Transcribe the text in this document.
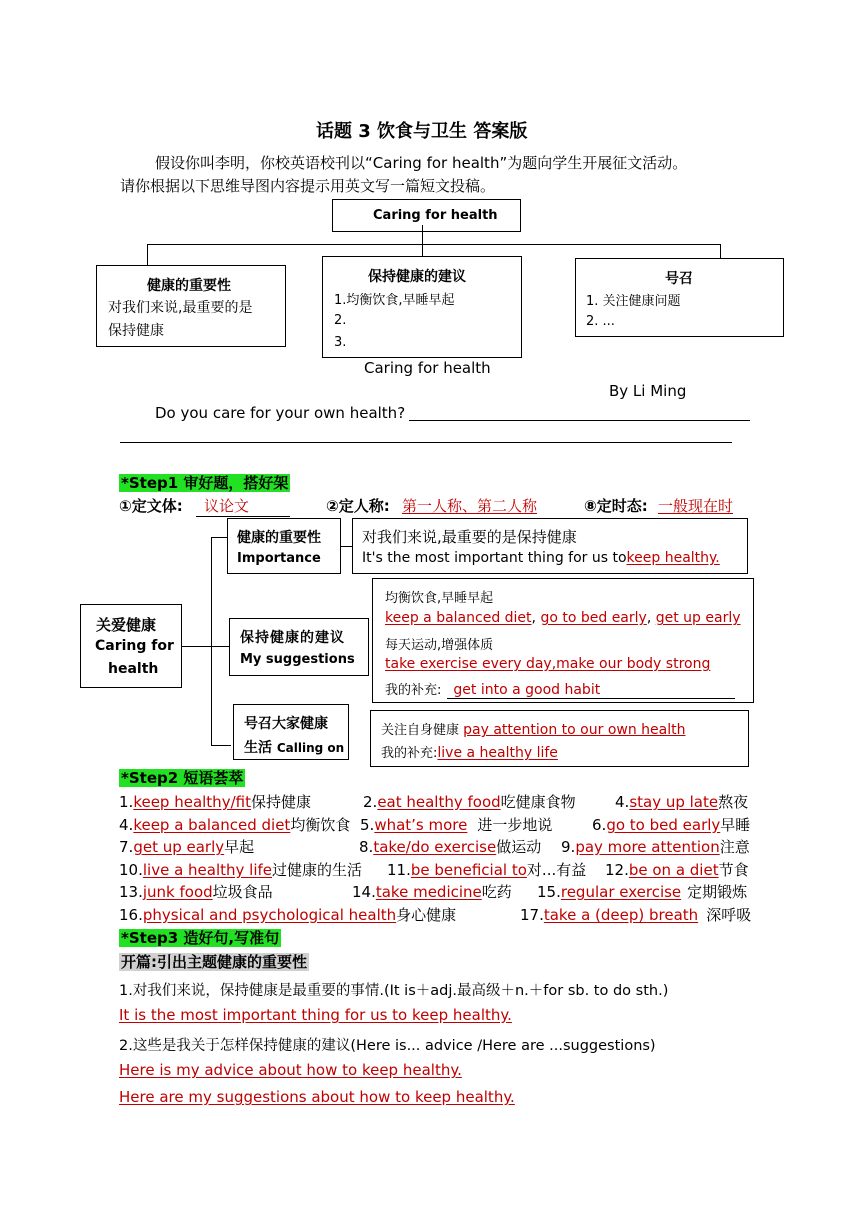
话题 3 饮食与卫生 答案版
假设你叫李明，你校英语校刊以“Caring for health”为题向学生开展征文活动。
请你根据以下思维导图内容提示用英文写一篇短文投稿。
Caring for health
健康的重要性
对我们来说,最重要的是
保持健康
保持健康的建议
1.均衡饮食,早睡早起
2.
3.
号召
1. 关注健康问题
2. ...
Caring for health
By Li Ming
Do you care for your own health?
*Step1 审好题，搭好架
①定文体:	议论文	②定人称: 第一人称、第二人称	⑧定时态: 一般现在时
关爱健康
Caring for
health
健康的重要性
Importance
对我们来说,最重要的是保持健康
It's the most important thing for us tokeep healthy.
保持健康的建议
My suggestions
均衡饮食,早睡早起
keep a balanced diet, go to bed early, get up early
每天运动,增强体质
take exercise every day,make our body strong
我的补充: get into a good habit
号召大家健康
生活 Calling on
关注自身健康 pay attention to our own health
我的补充:live a healthy life
*Step2 短语荟萃
1.keep healthy/fit保持健康	2.eat healthy food吃健康食物	4.stay up late熬夜
4.keep a balanced diet均衡饮食 5.what’s more 进一步地说	6.go to bed early早睡
7.get up early早起	8.take/do exercise做运动 9.pay more attention注意
10.live a healthy life过健康的生活 11.be beneficial to对...有益 12.be on a diet节食
13.junk food垃圾食品	14.take medicine吃药 15.regular exercise 定期锻炼
16.physical and psychological health身心健康	17.take a (deep) breath 深呼吸
*Step3 造好句,写准句
开篇:引出主题健康的重要性
1.对我们来说，保持健康是最重要的事情.(It is＋adj.最高级＋n.＋for sb. to do sth.)
It is the most important thing for us to keep healthy.
2.这些是我关于怎样保持健康的建议(Here is... advice /Here are ...suggestions)
Here is my advice about how to keep healthy.
Here are my suggestions about how to keep healthy.
